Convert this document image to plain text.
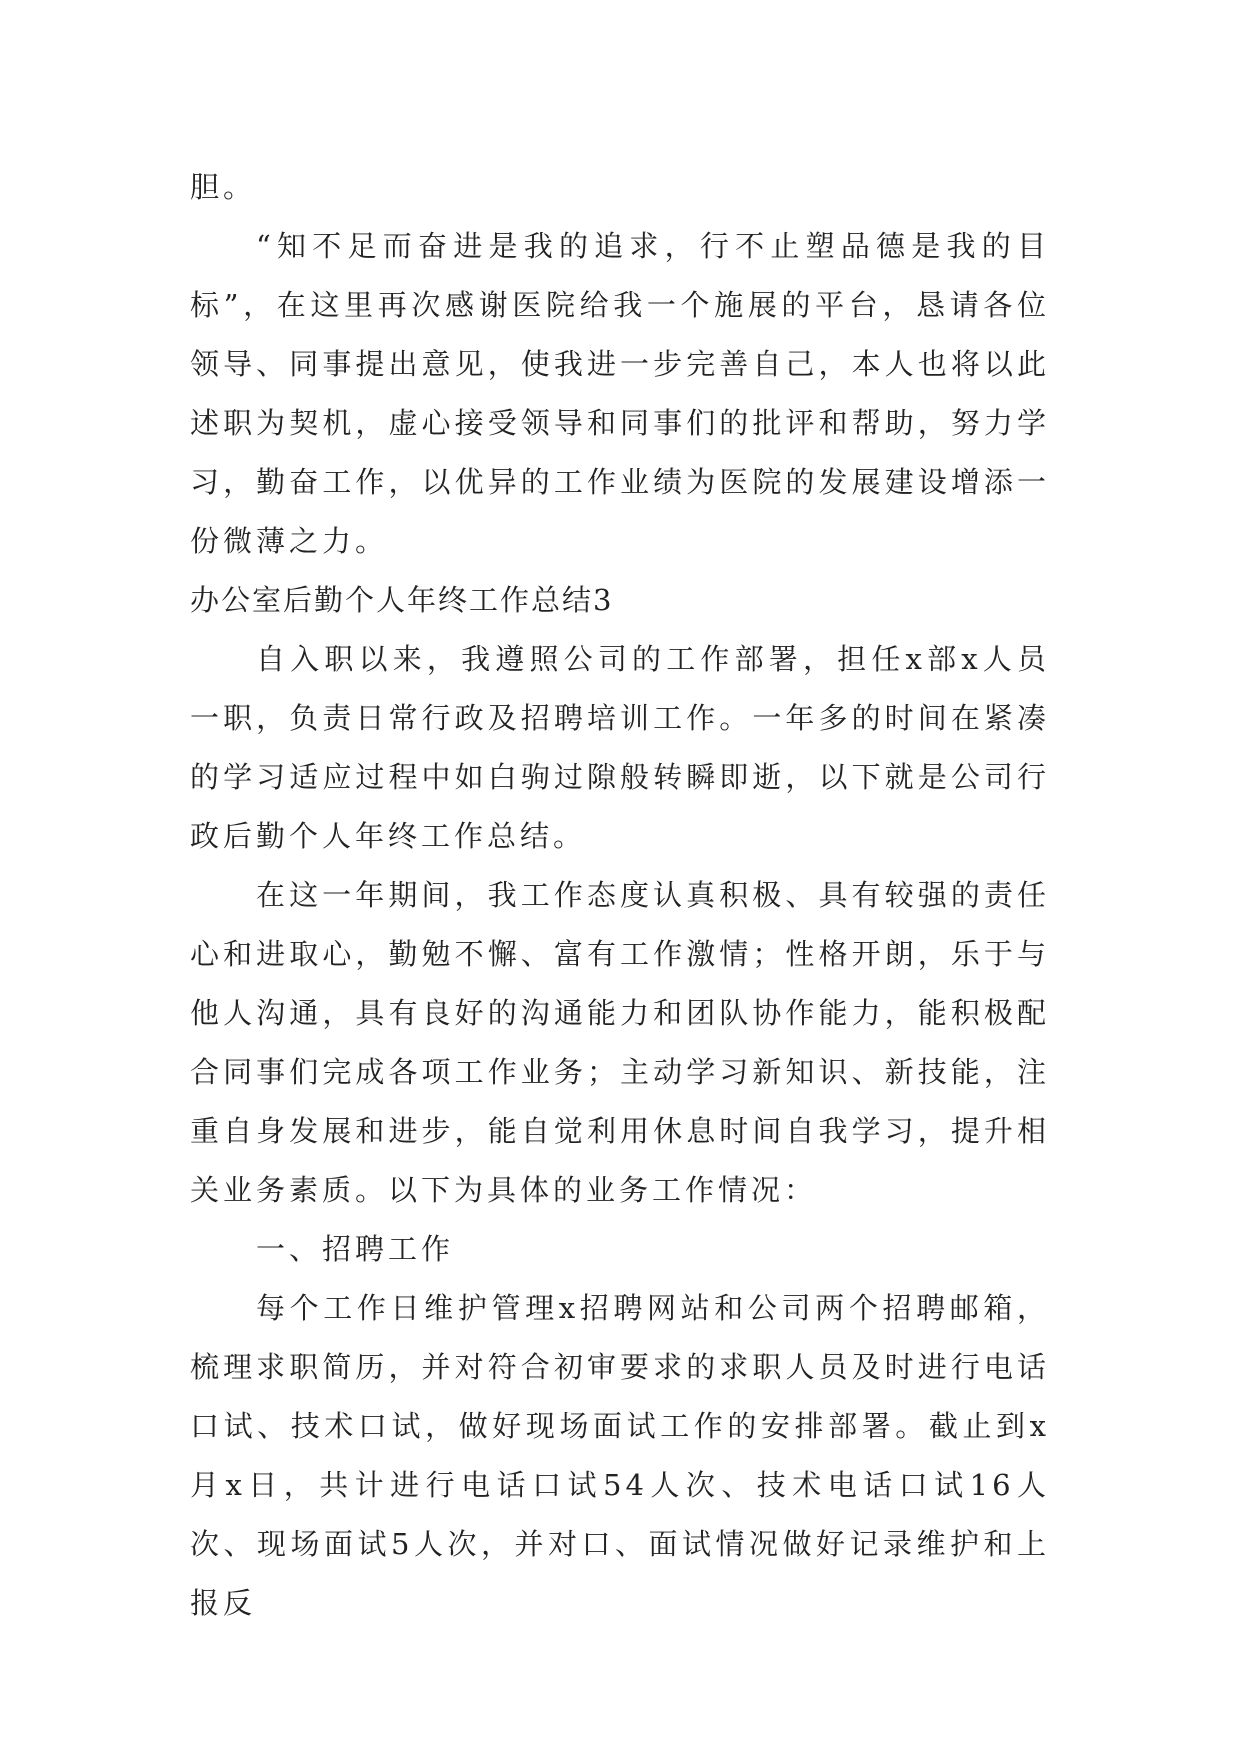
胆。

“知不足而奋进是我的追求，行不止塑品德是我的目标”，在这里再次感谢医院给我一个施展的平台，恳请各位领导、同事提出意见，使我进一步完善自己，本人也将以此述职为契机，虚心接受领导和同事们的批评和帮助，努力学习，勤奋工作，以优异的工作业绩为医院的发展建设增添一份微薄之力。

办公室后勤个人年终工作总结3

自入职以来，我遵照公司的工作部署，担任x部x人员一职，负责日常行政及招聘培训工作。一年多的时间在紧凑的学习适应过程中如白驹过隙般转瞬即逝，以下就是公司行政后勤个人年终工作总结。

在这一年期间，我工作态度认真积极、具有较强的责任心和进取心，勤勉不懈、富有工作激情；性格开朗，乐于与他人沟通，具有良好的沟通能力和团队协作能力，能积极配合同事们完成各项工作业务；主动学习新知识、新技能，注重自身发展和进步，能自觉利用休息时间自我学习，提升相关业务素质。以下为具体的业务工作情况：

一、招聘工作

每个工作日维护管理x招聘网站和公司两个招聘邮箱，梳理求职简历，并对符合初审要求的求职人员及时进行电话口试、技术口试，做好现场面试工作的安排部署。截止到x月x日，共计进行电话口试54人次、技术电话口试16人次、现场面试5人次，并对口、面试情况做好记录维护和上报反
